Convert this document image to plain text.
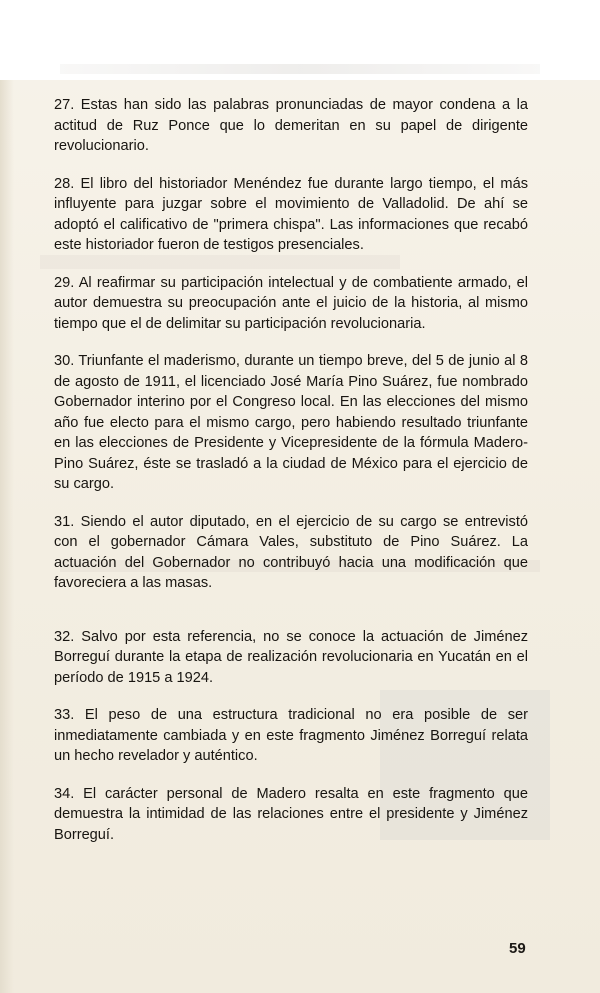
27. Estas han sido las palabras pronunciadas de mayor condena a la actitud de Ruz Ponce que lo demeritan en su papel de dirigente revolucionario.

28. El libro del historiador Menéndez fue durante largo tiempo, el más influyente para juzgar sobre el movimiento de Valladolid. De ahí se adoptó el calificativo de "primera chispa". Las informaciones que recabó este historiador fueron de testigos presenciales.

29. Al reafirmar su participación intelectual y de combatiente armado, el autor demuestra su preocupación ante el juicio de la historia, al mismo tiempo que el de delimitar su participación revolucionaria.

30. Triunfante el maderismo, durante un tiempo breve, del 5 de junio al 8 de agosto de 1911, el licenciado José María Pino Suárez, fue nombrado Gobernador interino por el Congreso local. En las elecciones del mismo año fue electo para el mismo cargo, pero habiendo resultado triunfante en las elecciones de Presidente y Vicepresidente de la fórmula Madero-Pino Suárez, éste se trasladó a la ciudad de México para el ejercicio de su cargo.

31. Siendo el autor diputado, en el ejercicio de su cargo se entrevistó con el gobernador Cámara Vales, substituto de Pino Suárez. La actuación del Gobernador no contribuyó hacia una modificación que favoreciera a las masas.

32. Salvo por esta referencia, no se conoce la actuación de Jiménez Borreguí durante la etapa de realización revolucionaria en Yucatán en el período de 1915 a 1924.

33. El peso de una estructura tradicional no era posible de ser inmediatamente cambiada y en este fragmento Jiménez Borreguí relata un hecho revelador y auténtico.

34. El carácter personal de Madero resalta en este fragmento que demuestra la intimidad de las relaciones entre el presidente y Jiménez Borreguí.

59
